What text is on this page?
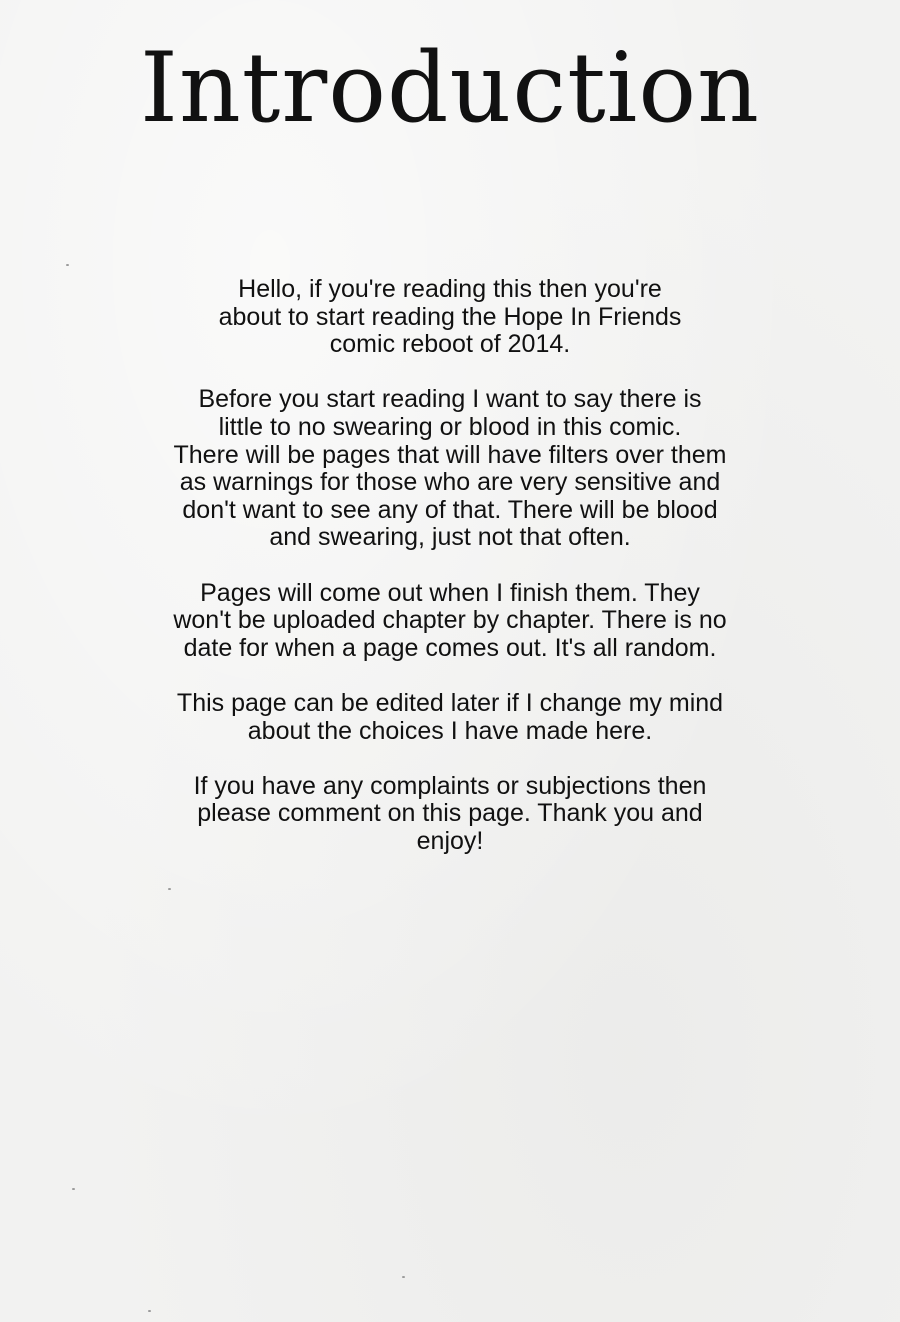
Introduction

Hello, if you're reading this then you're
about to start reading the Hope In Friends
comic reboot of 2014.

Before you start reading I want to say there is
little to no swearing or blood in this comic.
There will be pages that will have filters over them
as warnings for those who are very sensitive and
don't want to see any of that. There will be blood
and swearing, just not that often.

Pages will come out when I finish them. They
won't be uploaded chapter by chapter. There is no
date for when a page comes out. It's all random.

This page can be edited later if I change my mind
about the choices I have made here.

If you have any complaints or subjections then
please comment on this page. Thank you and
enjoy!
